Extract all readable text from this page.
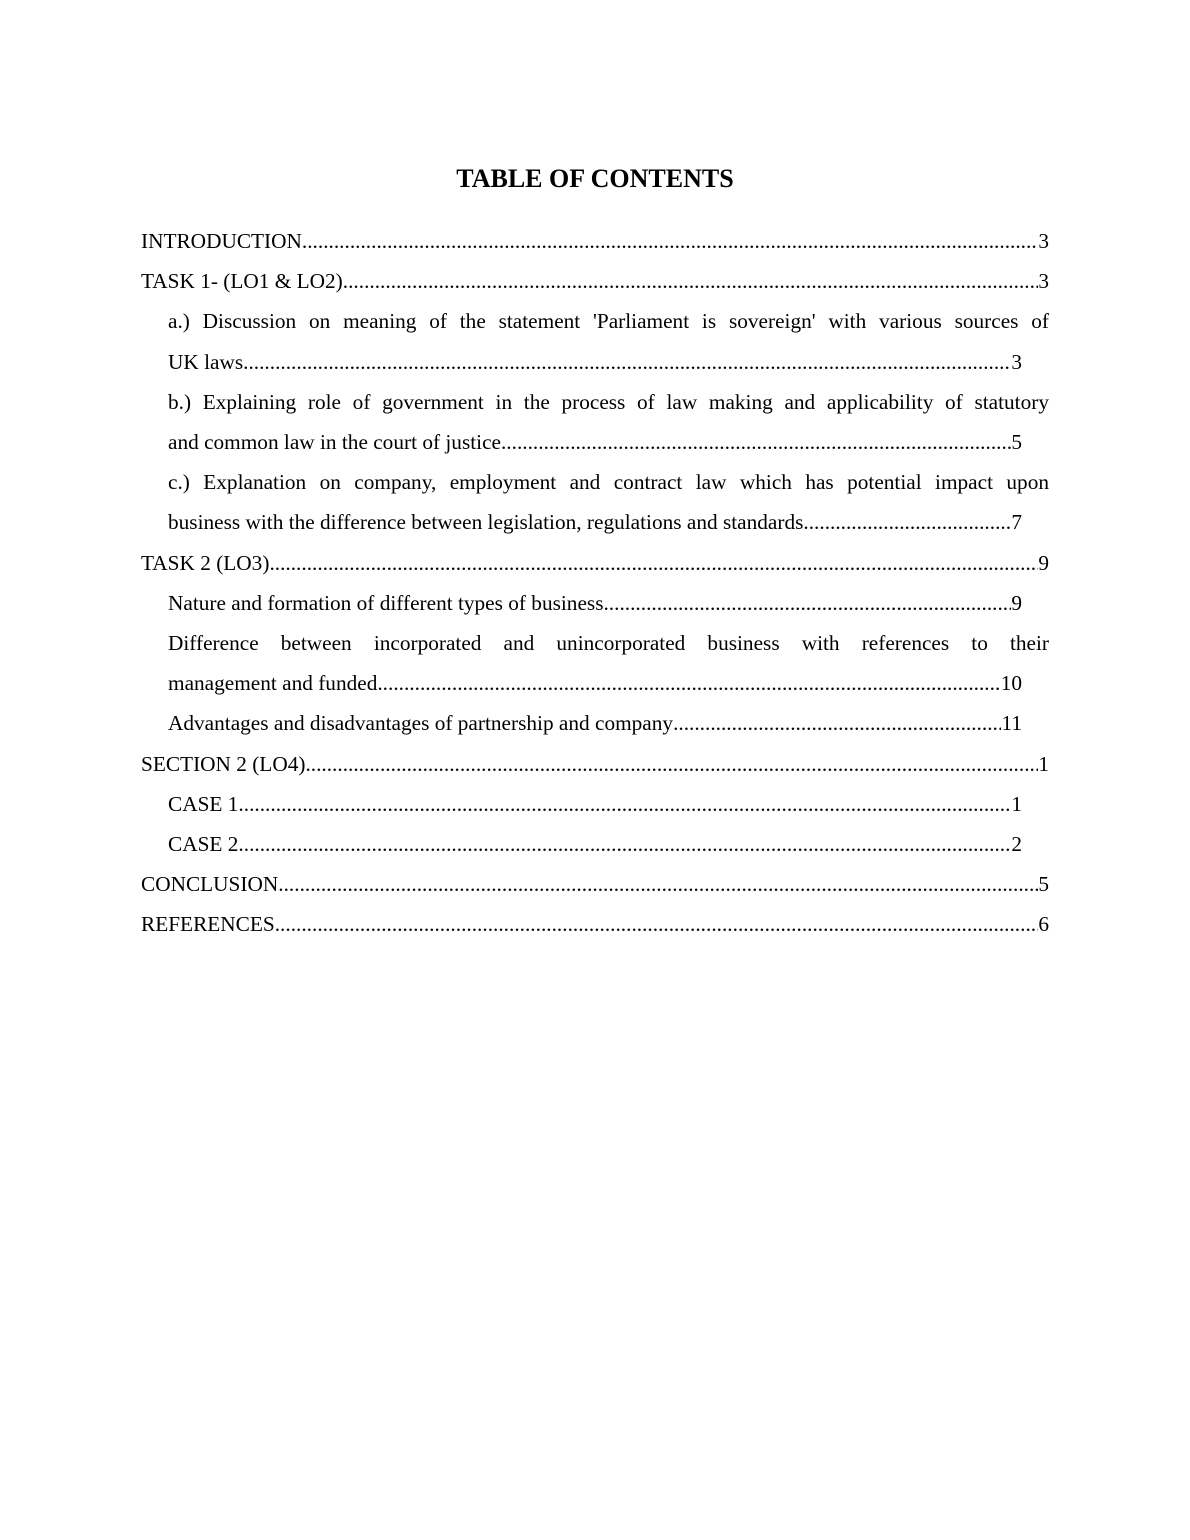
TABLE OF CONTENTS
INTRODUCTION .....	3
TASK 1- (LO1 & LO2) .....	3
a.) Discussion on meaning of the statement 'Parliament is sovereign' with various sources of
UK laws .....	3
b.) Explaining role of government in the process of law making and applicability of statutory
and common law in the court of justice .....	5
c.) Explanation on company, employment and contract law which has potential impact upon
business with the difference between legislation, regulations and standards .....	7
TASK 2 (LO3) .....	9
Nature and formation of different types of business .....	9
Difference between incorporated and unincorporated business with references to their
management and funded .....	10
Advantages and disadvantages of partnership and company .....	11
SECTION 2 (LO4) .....	1
CASE 1 .....	1
CASE 2 .....	2
CONCLUSION .....	5
REFERENCES .....	6
